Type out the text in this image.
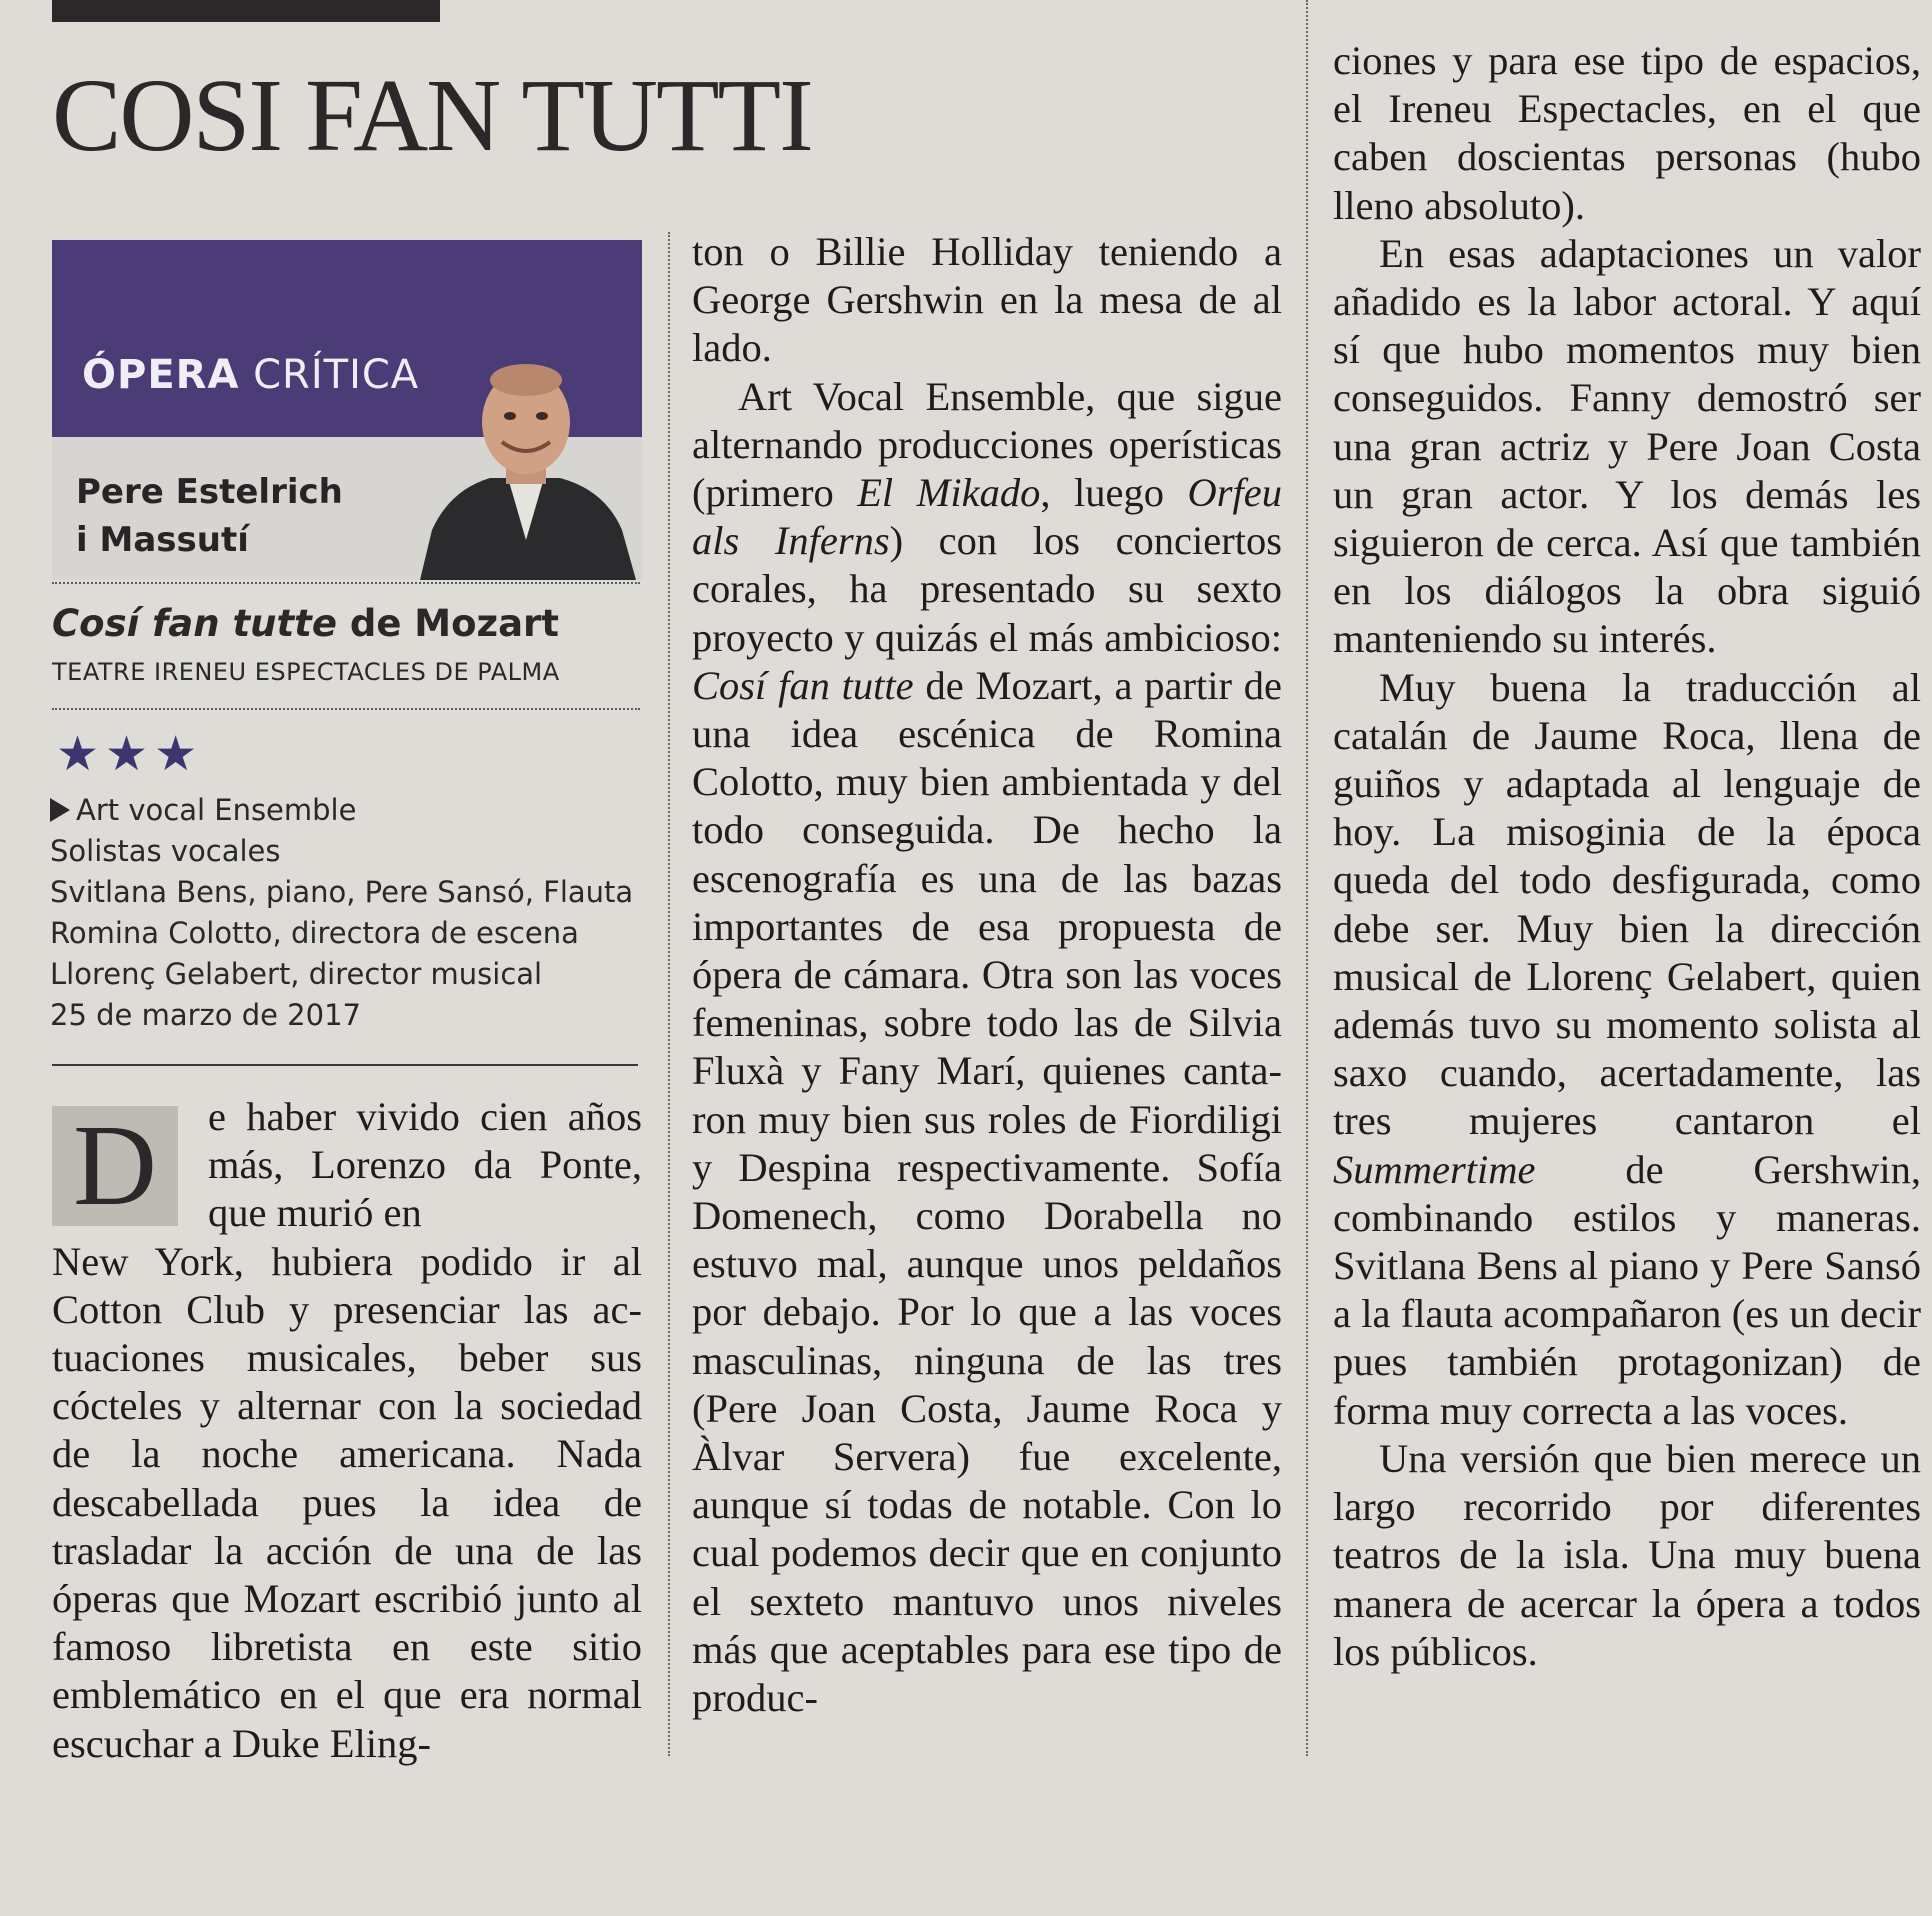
COSI FAN TUTTI
ÓPERA CRÍTICA
Pere Estelrich
i Massutí
Cosí fan tutte de Mozart
TEATRE IRENEU ESPECTACLES DE PALMA
★★★
Art vocal Ensemble
Solistas vocales
Svitlana Bens, piano, Pere Sansó, Flauta
Romina Colotto, directora de escena
Llorenç Gelabert, director musical
25 de marzo de 2017
D	e haber vivido cien años más, Lorenzo da Ponte, que murió en

New York, hubiera podido ir al Cotton Club y presenciar las actuaciones musicales, beber sus cócteles y alternar con la sociedad de la noche americana. Nada descabellada pues la idea de trasladar la acción de una de las óperas que Mozart escribió junto al famoso libretista en este sitio emblemático en el que era normal escuchar a Duke Eling-

ton o Billie Holliday teniendo a George Gershwin en la mesa de al lado.

Art Vocal Ensemble, que sigue alternando producciones operísticas (primero El Mikado, luego Orfeu als Inferns) con los conciertos corales, ha presentado su sexto proyecto y quizás el más ambicioso: Cosí fan tutte de Mozart, a partir de una idea escénica de Romina Colotto, muy bien ambientada y del todo conseguida. De hecho la escenografía es una de las bazas importantes de esa propuesta de ópera de cámara. Otra son las voces femeninas, sobre todo las de Silvia Fluxà y Fany Marí, quienes cantaron muy bien sus roles de Fiordiligi y Despina respectivamente. Sofía Domenech, como Dorabella no estuvo mal, aunque unos peldaños por debajo. Por lo que a las voces masculinas, ninguna de las tres (Pere Joan Costa, Jaume Roca y Àlvar Servera) fue excelente, aunque sí todas de notable. Con lo cual podemos decir que en conjunto el sexteto mantuvo unos niveles más que aceptables para ese tipo de produc-

ciones y para ese tipo de espacios, el Ireneu Espectacles, en el que caben doscientas personas (hubo lleno absoluto).

En esas adaptaciones un valor añadido es la labor actoral. Y aquí sí que hubo momentos muy bien conseguidos. Fanny demostró ser una gran actriz y Pere Joan Costa un gran actor. Y los demás les siguieron de cerca. Así que también en los diálogos la obra siguió manteniendo su interés.

Muy buena la traducción al catalán de Jaume Roca, llena de guiños y adaptada al lenguaje de hoy. La misoginia de la época queda del todo desfigurada, como debe ser. Muy bien la dirección musical de Llorenç Gelabert, quien además tuvo su momento solista al saxo cuando, acertadamente, las tres mujeres cantaron el Summertime de Gershwin, combinando estilos y maneras. Svitlana Bens al piano y Pere Sansó a la flauta acompañaron (es un decir pues también protagonizan) de forma muy correcta a las voces.

Una versión que bien merece un largo recorrido por diferentes teatros de la isla. Una muy buena manera de acercar la ópera a todos los públicos.
